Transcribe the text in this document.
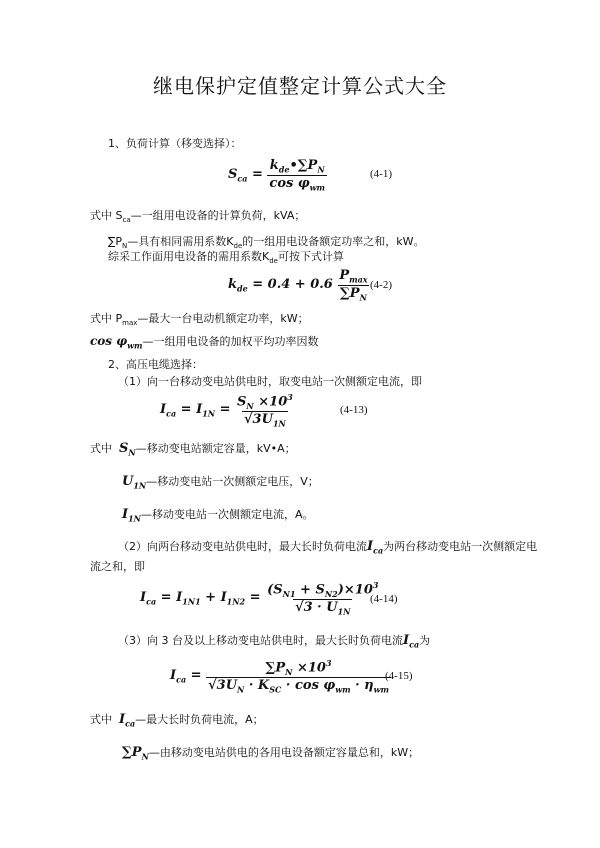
继电保护定值整定计算公式大全
1、负荷计算（移变选择）：
$S_{ca} = \frac{k_{de}•\sum P_N}{\cos \varphi_{wm}}$	(4-1)
式中 $S_{ca}—$一组用电设备的计算负荷，kVA；
$\sum P_N—$具有相同需用系数$K_{de}$的一组用电设备额定功率之和，kW。
综采工作面用电设备的需用系数$K_{de}$可按下式计算
$k_{de} = 0.4 + 0.6 \frac{P_{max}}{\sum P_N} (4-2)$
式中 $P_{max}—$最大一台电动机额定功率，kW；
$\cos \varphi_{wm}—$一组用电设备的加权平均功率因数
2、高压电缆选择：
（1）向一台移动变电站供电时，取变电站一次侧额定电流，即
$I_{ca} = I_{1N} = \frac{S_N \times 10^3}{√3U_{1N}}$	(4-13)
式中 $S_N—$移动变电站额定容量，kV•A；
$U_{1N}—$移动变电站一次侧额定电压，V；
$I_{1N}—$移动变电站一次侧额定电流，A。
（2）向两台移动变电站供电时，最大长时负荷电流$I_{ca}$为两台移动变电站一次侧额定电
流之和，即
$I_{ca} = I_{1N1} + I_{1N2} = \frac{(S_{N1} + S_{N2})\times 10^3}{√3 \cdot U_{1N}}$
(4-14)
（3）向 3 台及以上移动变电站供电时，最大长时负荷电流$I_{ca}$为
$I_{ca} = \frac{\sum P_N \times 10^3}{√3U_N \cdot K_{SC} \cdot \cos \varphi_{wm} \cdot \eta_{wm}}$
(4-15)
式中 $I_{ca}—$最大长时负荷电流，A；
$\sum P_N—$由移动变电站供电的各用电设备额定容量总和，kW；
